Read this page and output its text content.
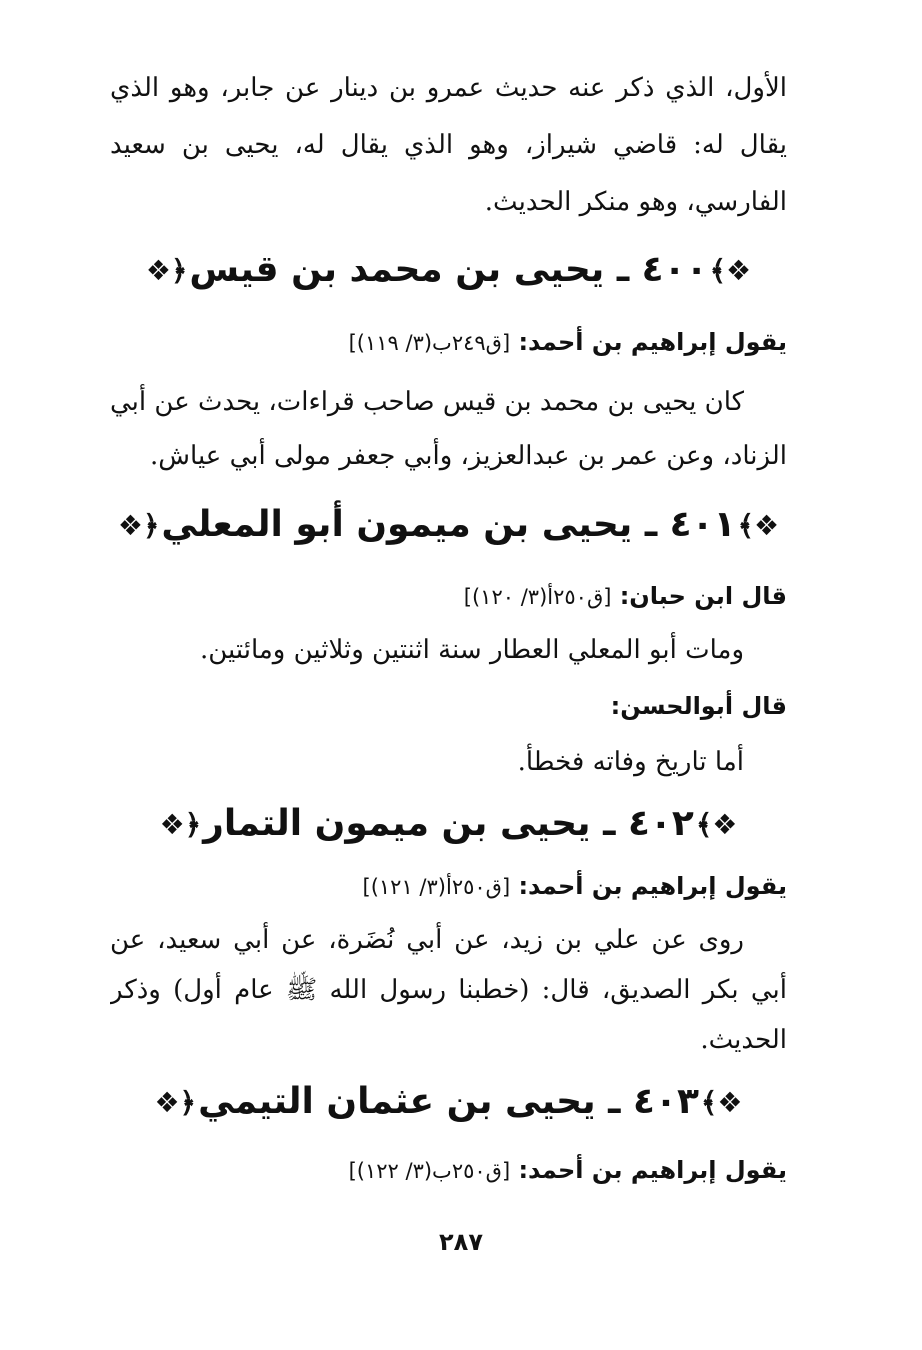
الأول، الذي ذكر عنه حديث عمرو بن دينار عن جابر، وهو الذي
يقال له: قاضي شيراز، وهو الذي يقال له، يحيى بن سعيد
الفارسي، وهو منكر الحديث.
❖﴾٤٠٠ ـ يحيى بن محمد بن قيس﴿❖
يقول إبراهيم بن أحمد: [ق٢٤٩ب(٣/ ١١٩)]
كان يحيى بن محمد بن قيس صاحب قراءات، يحدث عن أبي
الزناد، وعن عمر بن عبدالعزيز، وأبي جعفر مولى أبي عياش.
❖﴾٤٠١ ـ يحيى بن ميمون أبو المعلي﴿❖
قال ابن حبان: [ق٢٥٠أ(٣/ ١٢٠)]
ومات أبو المعلي العطار سنة اثنتين وثلاثين ومائتين.
قال أبوالحسن:
أما تاريخ وفاته فخطأ.
❖﴾٤٠٢ ـ يحيى بن ميمون التمار﴿❖
يقول إبراهيم بن أحمد: [ق٢٥٠أ(٣/ ١٢١)]
روى عن علي بن زيد، عن أبي نُضَرة، عن أبي سعيد، عن
أبي بكر الصديق، قال: (خطبنا رسول الله ﷺ عام أول) وذكر
الحديث.
❖﴾٤٠٣ ـ يحيى بن عثمان التيمي﴿❖
يقول إبراهيم بن أحمد: [ق٢٥٠ب(٣/ ١٢٢)]
٢٨٧
